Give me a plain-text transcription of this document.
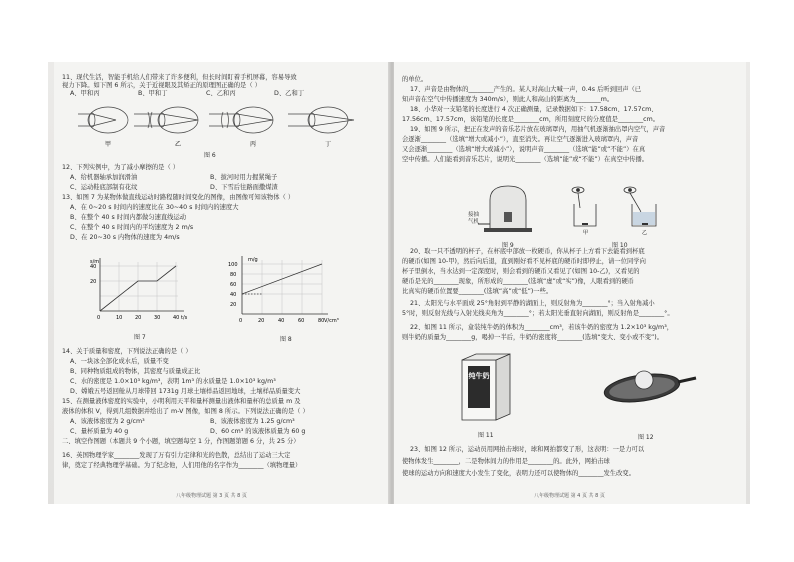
11、现代生活，智能手机给人们带来了许多便利，但长时间盯着手机屏幕，容易导致
视力下降。如下图 6 所示，关于近视眼及其矫正的原理图正确的是（ ）
A、甲和丙	B、甲和丁	C、乙和丙	D、乙和丁
12、下列实例中，为了减小摩擦的是（ ）
A、给机器轴承加润滑油	B、拔河时用力握紧绳子
C、运动鞋底部制有花纹	D、下雪后往路面撒煤渣
13、如图 7 为某物体做直线运动时路程随时间变化的图像，由图像可知该物体（ ）
A、在 0~20 s 时间内的速度比在 30~40 s 时间内的速度大
B、在整个 40 s 时间内都做匀速直线运动
C、在整个 40 s 时间内的平均速度为 2 m/s
D、在 20~30 s 内物体的速度为 4m/s
14、关于质量和密度，下列说法正确的是（ ）
A、一块冰全部化成水后，质量不变
B、同种物质组成的物体，其密度与质量成正比
C、水的密度是 1.0×10³ kg/m³，表明 1m³ 的水质量是 1.0×10³ kg/m³
D、嫦娥五号返回舱从月球带回 1731g 月球土壤样品返回地球，土壤样品质量变大
15、在测量液体密度的实验中，小明利用天平和量杯测量出液体和量杯的总质量 m 及
液体的体积 V，得到几组数据并绘出了 m-V 图像，如图 8 所示。下列说法正确的是（ ）
A、该液体密度为 2 g/cm³	B、该液体密度为 1.25 g/cm³
C、量杯质量为 40 g	D、60 cm³ 的该液体质量为 60 g
二、填空作图题（本题共 9 个小题，填空题每空 1 分，作图题第题 6 分，共 25 分）
16、英国物理学家________发现了万有引力定律和光的色散，总结出了运动三大定
律，奠定了经典物理学基础。为了纪念他，人们用他的名字作为________（填物理量）
甲	乙	丙	丁
图 6
s/m
t/s
40
20
0	10	20	30	40
图 7
m/g
V/cm³
100
80
60
40
20
0	20	40	60	80
图 8
八年级物理试题 第 3 页 共 8 页
的单位。
17、声音是由物体的________产生的。某人对高山大喊一声，0.4s 后听到回声（已
知声音在空气中传播速度为 340m/s），则此人和高山的距离为________m。
18、小华对一支铅笔的长度进行 4 次正确测量，记录数据如下：17.58cm、17.57cm、
17.56cm、17.57cm，该铅笔的长度是________cm，所用刻度尺的分度值是________cm。
19、如图 9 所示，把正在发声的音乐芯片放在玻璃罩内，用抽气机逐渐抽出罩内空气，声音
会逐渐________（选填“增大或减小”），直至消失。再让空气逐渐进入玻璃罩内，声音
又会逐渐________（选填“增大或减小”），说明声音________（选填“能”或“不能”）在真
空中传播。人们能看到音乐芯片，说明光________（选填“能”或“不能”）在真空中传播。
20、取一只不透明的杯子，在杯底中部放一枚硬币，你从杯子上方看下去能看到杯底
的硬币(如图 10-甲)，然后向后退，直到刚好看不见杯底的硬币时即停止，请一位同学向
杯子里倒水，当水达到一定深度时，则会看到的硬币又看见了(如图 10-乙)，又看见的
硬币是光的________现象，所形成的________(选填“虚”或“实”)像，人眼看到的硬币
比真实的硬币位置要________(选填“高”或“低”)一些。
21、太阳光与水平面成 25°角射到平静的湖面上，则反射角为________°；当入射角减小
5°时，则反射光线与入射光线夹角为________°；若太阳光垂直射向湖面，则反射角是________°。
22、如图 11 所示，盒装纯牛奶的体积为________cm³，若该牛奶的密度为 1.2×10³ kg/m³，
则牛奶的质量为________g，喝掉一半后，牛奶的密度将________(选填“变大、变小或不变”)。
23、如图 12 所示，运动员用网拍击球时，球和网拍都变了形，这表明：一是力可以
使物体发生________，二是物体间力的作用是________的。此外，网拍击球
使球的运动方向和速度大小发生了变化，表明力还可以使物体的________发生改变。
接抽
气机
图 9
甲	乙
图 10
纯牛奶
图 11	图 12
八年级物理试题 第 4 页 共 8 页
